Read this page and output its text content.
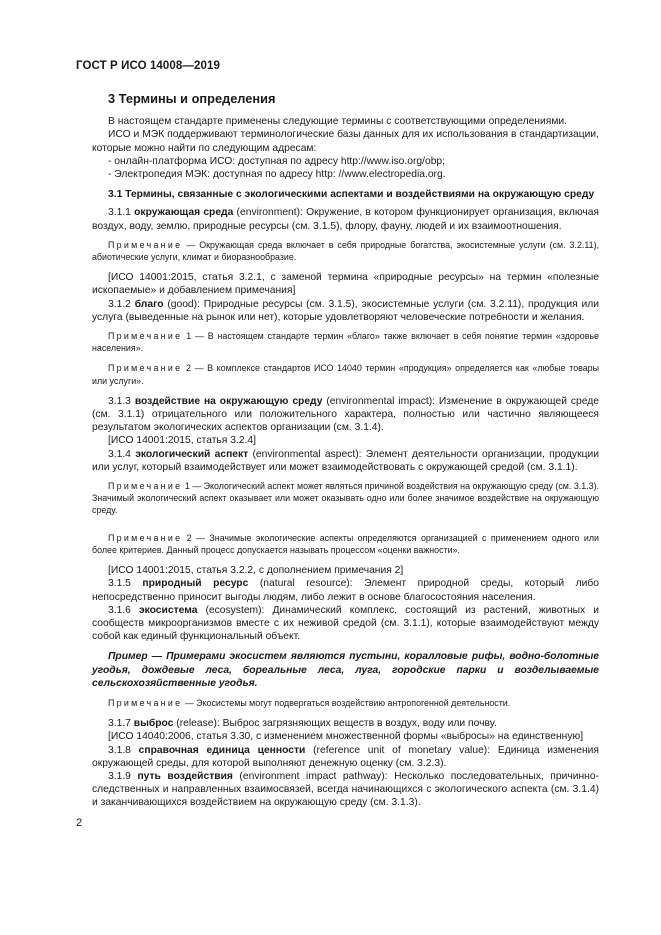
ГОСТ Р ИСО 14008—2019
3 Термины и определения

В настоящем стандарте применены следующие термины с соответствующими определениями.

ИСО и МЭК поддерживают терминологические базы данных для их использования в стандартизации, которые можно найти по следующим адресам:

- онлайн-платформа ИСО: доступная по адресу http://www.iso.org/obp;

- Электропедия МЭК: доступная по адресу http: //www.electropedia.org.

3.1 Термины, связанные с экологическими аспектами и воздействиями на окружающую среду

3.1.1 окружающая среда (environment): Окружение, в котором функционирует организация, включая воздух, воду, землю, природные ресурсы (см. 3.1.5), флору, фауну, людей и их взаимоотношения.

Примечание — Окружающая среда включает в себя природные богатства, экосистемные услуги (см. 3.2.11), абиотические услуги, климат и биоразнообразие.

[ИСО 14001:2015, статья 3.2.1, с заменой термина «природные ресурсы» на термин «полезные ископаемые» и добавлением примечания]

3.1.2 благо (good): Природные ресурсы (см. 3.1.5), экосистемные услуги (см. 3.2.11), продукция или услуга (выведенные на рынок или нет), которые удовлетворяют человеческие потребности и желания.

Примечание 1 — В настоящем стандарте термин «благо» также включает в себя понятие термин «здоровье населения».

Примечание 2 — В комплексе стандартов ИСО 14040 термин «продукция» определяется как «любые товары или услуги».

3.1.3 воздействие на окружающую среду (environmental impact): Изменение в окружающей среде (см. 3.1.1) отрицательного или положительного характера, полностью или частично являющееся результатом экологических аспектов организации (см. 3.1.4).

[ИСО 14001:2015, статья 3.2.4]

3.1.4 экологический аспект (environmental aspect): Элемент деятельности организации, продукции или услуг, который взаимодействует или может взаимодействовать с окружающей средой (см. 3.1.1).

Примечание 1 — Экологический аспект может являться причиной воздействия на окружающую среду (см. 3.1.3). Значимый экологический аспект оказывает или может оказывать одно или более значимое воздействие на окружающую среду.

Примечание 2 — Значимые экологические аспекты определяются организацией с применением одного или более критериев. Данный процесс допускается называть процессом «оценки важности».

[ИСО 14001:2015, статья 3.2.2, с дополнением примечания 2]

3.1.5 природный ресурс (natural resource): Элемент природной среды, который либо непосредственно приносит выгоды людям, либо лежит в основе благосостояния населения.

3.1.6 экосистема (ecosystem): Динамический комплекс, состоящий из растений, животных и сообществ микроорганизмов вместе с их неживой средой (см. 3.1.1), которые взаимодействуют между собой как единый функциональный объект.

Пример — Примерами экосистем являются пустыни, коралловые рифы, водно-болотные угодья, дождевые леса, бореальные леса, луга, городские парки и возделываемые сельскохозяйственные угодья.

Примечание — Экосистемы могут подвергаться воздействию антропогенной деятельности.

3.1.7 выброс (release): Выброс загрязняющих веществ в воздух, воду или почву.

[ИСО 14040:2006, статья 3.30, с изменением множественной формы «выбросы» на единственную]

3.1.8 справочная единица ценности (reference unit of monetary value): Единица изменения окружающей среды, для которой выполняют денежную оценку (см. 3.2.3).

3.1.9 путь воздействия (environment impact pathway): Несколько последовательных, причинно-следственных и направленных взаимосвязей, всегда начинающихся с экологического аспекта (см. 3.1.4) и заканчивающихся воздействием на окружающую среду (см. 3.1.3).

2
